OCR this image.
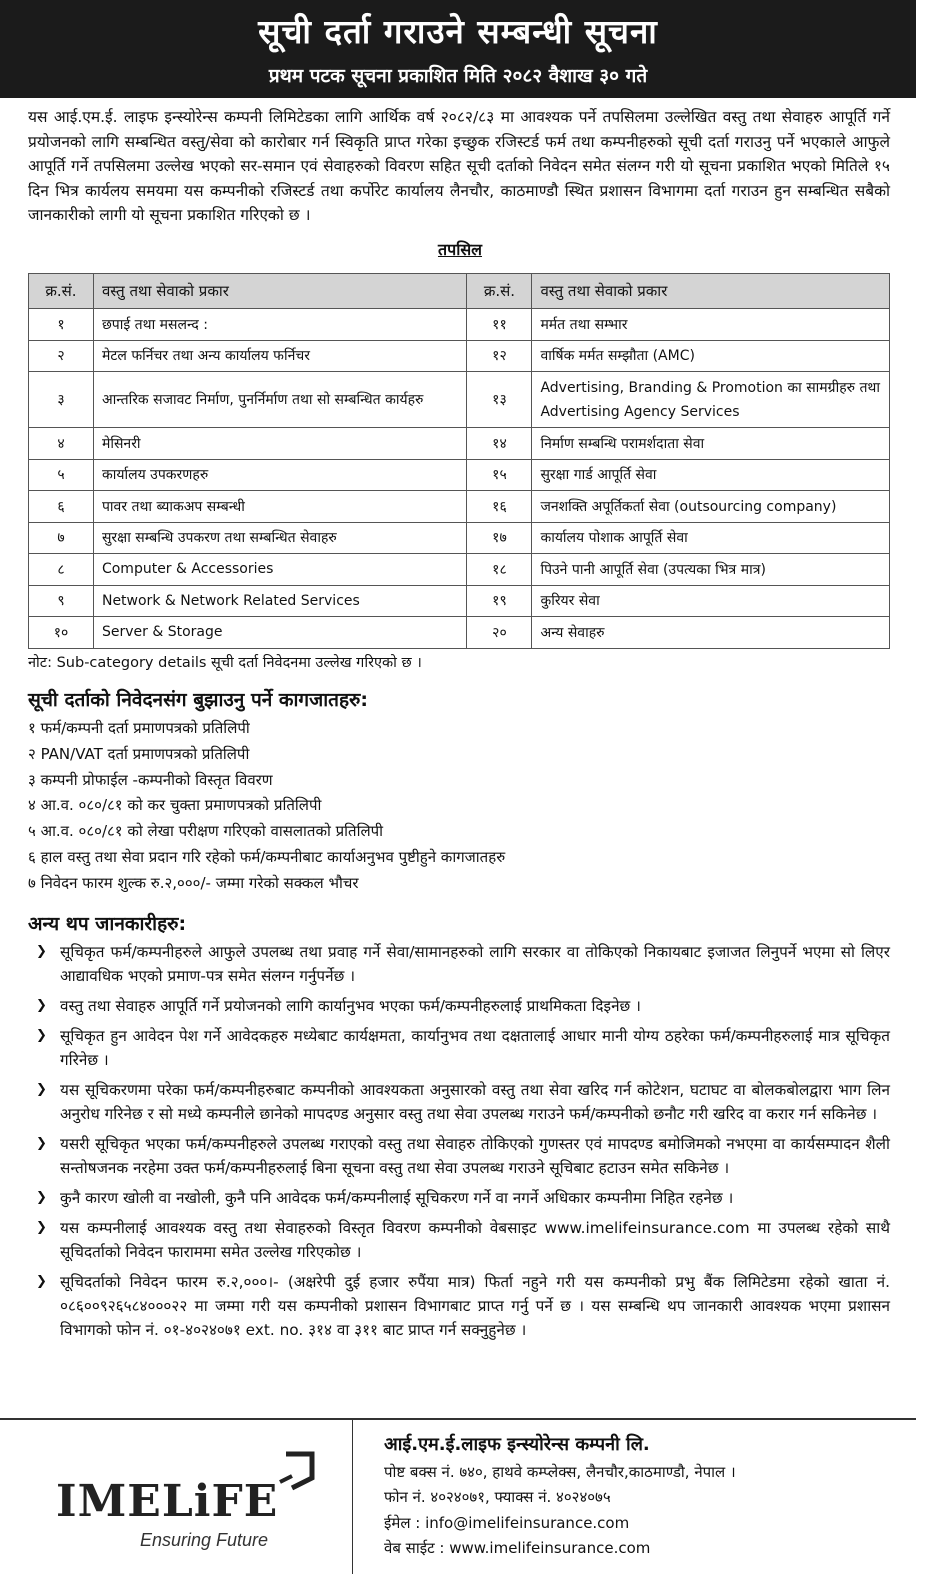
सूची दर्ता गराउने सम्बन्धी सूचना
प्रथम पटक सूचना प्रकाशित मिति २०८२ वैशाख ३० गते
यस आई.एम.ई. लाइफ इन्स्योरेन्स कम्पनी लिमिटेडका लागि आर्थिक वर्ष २०८२/८३ मा आवश्यक पर्ने तपसिलमा उल्लेखित वस्तु तथा सेवाहरु आपूर्ति गर्ने प्रयोजनको लागि सम्बन्धित वस्तु/सेवा को कारोबार गर्न स्विकृति प्राप्त गरेका इच्छुक रजिस्टर्ड फर्म तथा कम्पनीहरुको सूची दर्ता गराउनु पर्ने भएकाले आफुले आपूर्ति गर्ने तपसिलमा उल्लेख भएको सर-समान एवं सेवाहरुको विवरण सहित सूची दर्ताको निवेदन समेत संलग्न गरी यो सूचना प्रकाशित भएको मितिले १५ दिन भित्र कार्यलय समयमा यस कम्पनीको रजिस्टर्ड तथा कर्पोरेट कार्यालय लैनचौर, काठमाण्डौ स्थित प्रशासन विभागमा दर्ता गराउन हुन सम्बन्धित सबैको जानकारीको लागी यो सूचना प्रकाशित गरिएको छ ।
तपसिल
क्र.सं.	वस्तु तथा सेवाको प्रकार	क्र.सं.	वस्तु तथा सेवाको प्रकार
१	छपाई तथा मसलन्द :	११	मर्मत तथा सम्भार
२	मेटल फर्निचर तथा अन्य कार्यालय फर्निचर	१२	वार्षिक मर्मत सम्झौता (AMC)
३	आन्तरिक सजावट निर्माण, पुनर्निर्माण तथा सो सम्बन्धित कार्यहरु	१३	Advertising, Branding & Promotion का सामग्रीहरु तथा Advertising Agency Services
४	मेसिनरी	१४	निर्माण सम्बन्धि परामर्शदाता सेवा
५	कार्यालय उपकरणहरु	१५	सुरक्षा गार्ड आपूर्ति सेवा
६	पावर तथा ब्याकअप सम्बन्धी	१६	जनशक्ति अपूर्तिकर्ता सेवा (outsourcing company)
७	सुरक्षा सम्बन्धि उपकरण तथा सम्बन्धित सेवाहरु	१७	कार्यालय पोशाक आपूर्ति सेवा
८	Computer & Accessories	१८	पिउने पानी आपूर्ति सेवा (उपत्यका भित्र मात्र)
९	Network & Network Related Services	१९	कुरियर सेवा
१०	Server & Storage	२०	अन्य सेवाहरु
नोट: Sub-category details सूची दर्ता निवेदनमा उल्लेख गरिएको छ ।
सूची दर्ताको निवेदनसंग बुझाउनु पर्ने कागजातहरु:
१ फर्म/कम्पनी दर्ता प्रमाणपत्रको प्रतिलिपी
२ PAN/VAT दर्ता प्रमाणपत्रको प्रतिलिपी
३ कम्पनी प्रोफाईल -कम्पनीको विस्तृत विवरण
४ आ.व. ०८०/८१ को कर चुक्ता प्रमाणपत्रको प्रतिलिपी
५ आ.व. ०८०/८१ को लेखा परीक्षण गरिएको वासलातको प्रतिलिपी
६ हाल वस्तु तथा सेवा प्रदान गरि रहेको फर्म/कम्पनीबाट कार्याअनुभव पुष्टीहुने कागजातहरु
७ निवेदन फारम शुल्क रु.२,०००/- जम्मा गरेको सक्कल भौचर
अन्य थप जानकारीहरु:
❯ सूचिकृत फर्म/कम्पनीहरुले आफुले उपलब्ध तथा प्रवाह गर्ने सेवा/सामानहरुको लागि सरकार वा तोकिएको निकायबाट इजाजत लिनुपर्ने भएमा सो लिएर आद्यावधिक भएको प्रमाण-पत्र समेत संलग्न गर्नुपर्नेछ ।
❯ वस्तु तथा सेवाहरु आपूर्ति गर्ने प्रयोजनको लागि कार्यानुभव भएका फर्म/कम्पनीहरुलाई प्राथमिकता दिइनेछ ।
❯ सूचिकृत हुन आवेदन पेश गर्ने आवेदकहरु मध्येबाट कार्यक्षमता, कार्यानुभव तथा दक्षतालाई आधार मानी योग्य ठहरेका फर्म/कम्पनीहरुलाई मात्र सूचिकृत गरिनेछ ।
❯ यस सूचिकरणमा परेका फर्म/कम्पनीहरुबाट कम्पनीको आवश्यकता अनुसारको वस्तु तथा सेवा खरिद गर्न कोटेशन, घटाघट वा बोलकबोलद्वारा भाग लिन अनुरोध गरिनेछ र सो मध्ये कम्पनीले छानेको मापदण्ड अनुसार वस्तु तथा सेवा उपलब्ध गराउने फर्म/कम्पनीको छनौट गरी खरिद वा करार गर्न सकिनेछ ।
❯ यसरी सूचिकृत भएका फर्म/कम्पनीहरुले उपलब्ध गराएको वस्तु तथा सेवाहरु तोकिएको गुणस्तर एवं मापदण्ड बमोजिमको नभएमा वा कार्यसम्पादन शैली सन्तोषजनक नरहेमा उक्त फर्म/कम्पनीहरुलाई बिना सूचना वस्तु तथा सेवा उपलब्ध गराउने सूचिबाट हटाउन समेत सकिनेछ ।
❯ कुनै कारण खोली वा नखोली, कुनै पनि आवेदक फर्म/कम्पनीलाई सूचिकरण गर्ने वा नगर्ने अधिकार कम्पनीमा निहित रहनेछ ।
❯ यस कम्पनीलाई आवश्यक वस्तु तथा सेवाहरुको विस्तृत विवरण कम्पनीको वेबसाइट www.imelifeinsurance.com मा उपलब्ध रहेको साथै सूचिदर्ताको निवेदन फाराममा समेत उल्लेख गरिएकोछ ।
❯ सूचिदर्ताको निवेदन फारम रु.२,०००।- (अक्षरेपी दुई हजार रुपैंया मात्र) फिर्ता नहुने गरी यस कम्पनीको प्रभु बैंक लिमिटेडमा रहेको खाता नं. ०८६००९२६५८४०००२२ मा जम्मा गरी यस कम्पनीको प्रशासन विभागबाट प्राप्त गर्नु पर्ने छ । यस सम्बन्धि थप जानकारी आवश्यक भएमा प्रशासन विभागको फोन नं. ०१-४०२४०७१ ext. no. ३१४ वा ३११ बाट प्राप्त गर्न सक्नुहुनेछ ।
IMELiFE
Ensuring Future
आई.एम.ई.लाइफ इन्स्योरेन्स कम्पनी लि.
पोष्ट बक्स नं. ७४०, हाथवे कम्प्लेक्स, लैनचौर,काठमाण्डौ, नेपाल ।
फोन नं. ४०२४०७१, फ्याक्स नं. ४०२४०७५
ईमेल : info@imelifeinsurance.com
वेब साईट : www.imelifeinsurance.com
